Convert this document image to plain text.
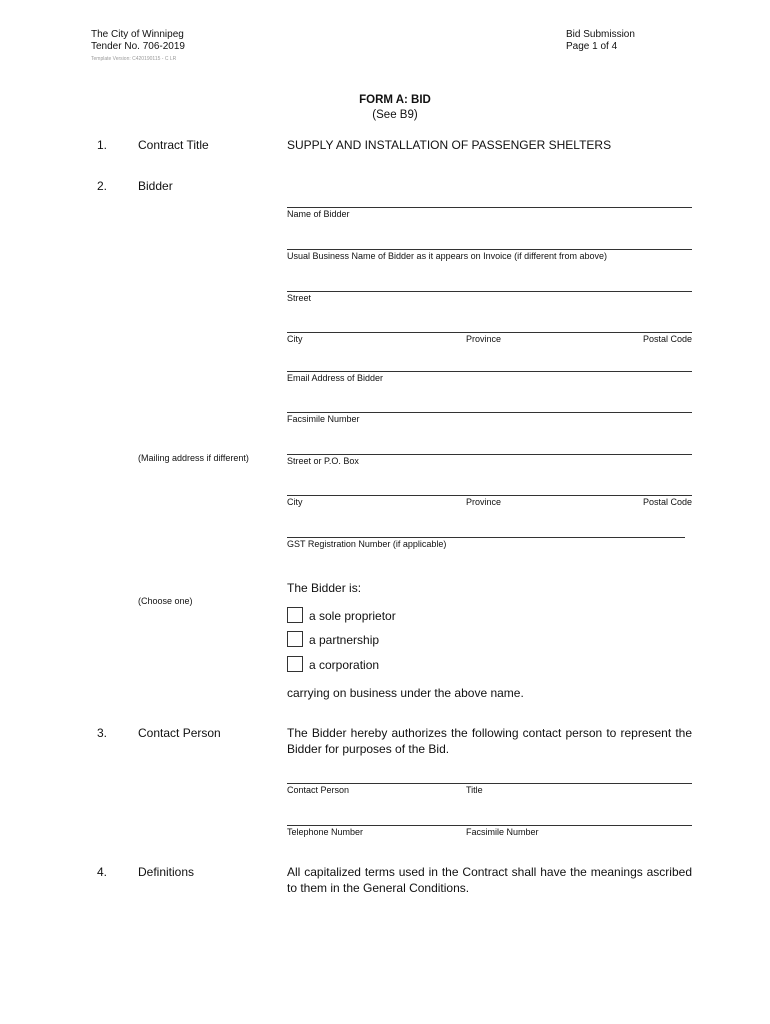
The City of Winnipeg
Tender No. 706-2019
Template Version: C420190115 - C LR
Bid Submission
Page 1 of 4
FORM A: BID
(See B9)
1.	Contract Title	SUPPLY AND INSTALLATION OF PASSENGER SHELTERS
2.	Bidder
Name of Bidder
Usual Business Name of Bidder as it appears on Invoice (if different from above)
Street
City	Province	Postal Code
Email Address of Bidder
Facsimile Number
(Mailing address if different)	Street or P.O. Box
City	Province	Postal Code
GST Registration Number (if applicable)
(Choose one)
The Bidder is:
a sole proprietor
a partnership
a corporation
carrying on business under the above name.
3.	Contact Person	The Bidder hereby authorizes the following contact person to represent the Bidder for purposes of the Bid.
Contact Person	Title
Telephone Number	Facsimile Number
4.	Definitions	All capitalized terms used in the Contract shall have the meanings ascribed to them in the General Conditions.
